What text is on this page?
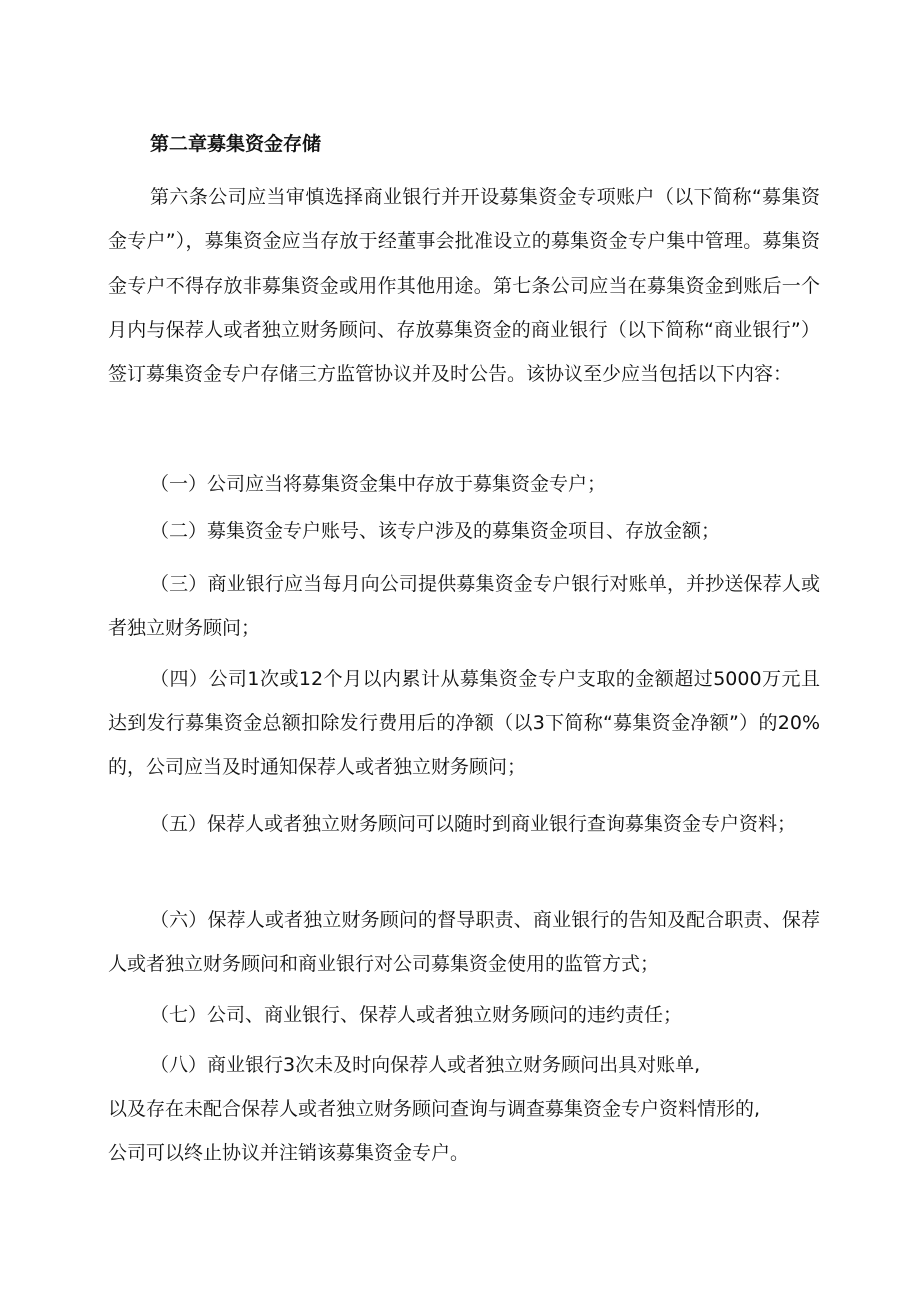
第二章募集资金存储

第六条公司应当审慎选择商业银行并开设募集资金专项账户（以下简称“募集资金专户”），募集资金应当存放于经董事会批准设立的募集资金专户集中管理。募集资金专户不得存放非募集资金或用作其他用途。第七条公司应当在募集资金到账后一个月内与保荐人或者独立财务顾问、存放募集资金的商业银行（以下简称“商业银行”）签订募集资金专户存储三方监管协议并及时公告。该协议至少应当包括以下内容：

（一）公司应当将募集资金集中存放于募集资金专户；

（二）募集资金专户账号、该专户涉及的募集资金项目、存放金额；

（三）商业银行应当每月向公司提供募集资金专户银行对账单，并抄送保荐人或者独立财务顾问；

（四）公司1次或12个月以内累计从募集资金专户支取的金额超过5000万元且达到发行募集资金总额扣除发行费用后的净额（以3下简称“募集资金净额”）的20%的，公司应当及时通知保荐人或者独立财务顾问；

（五）保荐人或者独立财务顾问可以随时到商业银行查询募集资金专户资料；

（六）保荐人或者独立财务顾问的督导职责、商业银行的告知及配合职责、保荐人或者独立财务顾问和商业银行对公司募集资金使用的监管方式；

（七）公司、商业银行、保荐人或者独立财务顾问的违约责任；

（八）商业银行3次未及时向保荐人或者独立财务顾问出具对账单,
以及存在未配合保荐人或者独立财务顾问查询与调查募集资金专户资料情形的,
公司可以终止协议并注销该募集资金专户。
